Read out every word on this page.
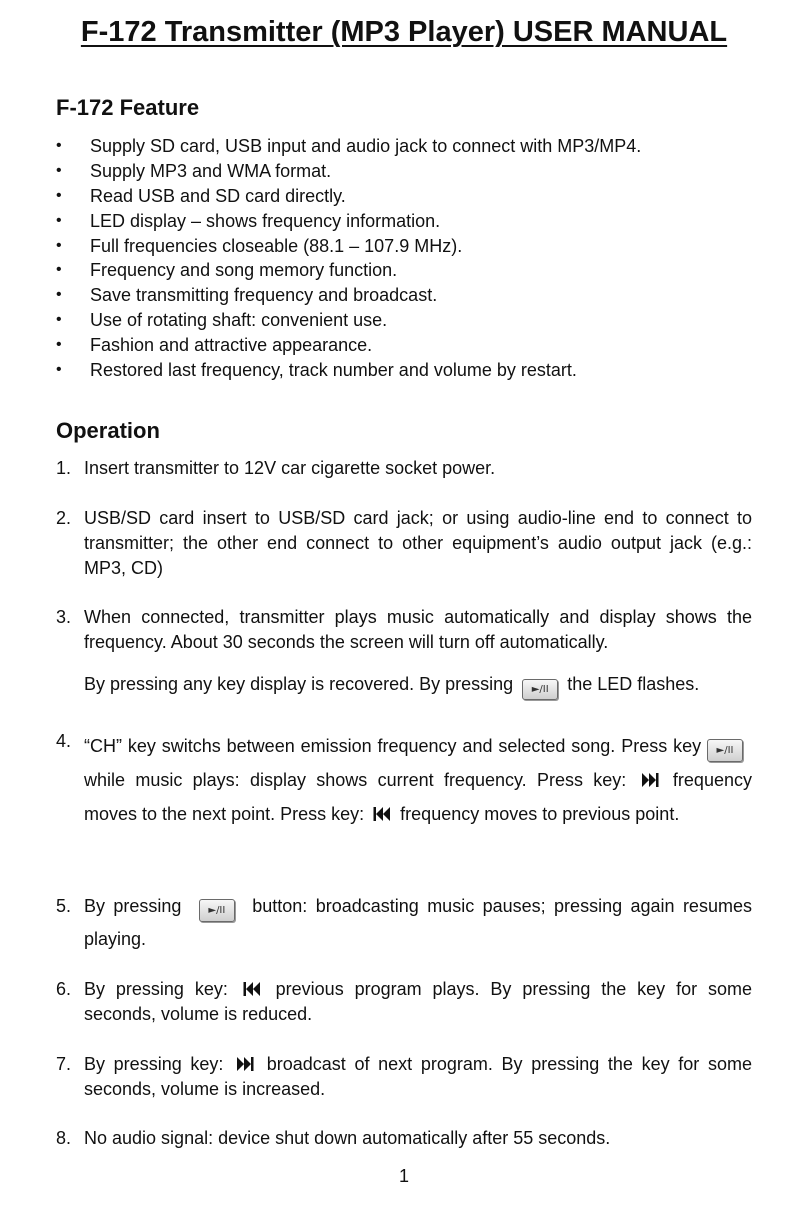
F-172 Transmitter (MP3 Player) USER MANUAL
F-172 Feature
• Supply SD card, USB input and audio jack to connect with MP3/MP4.
• Supply MP3 and WMA format.
• Read USB and SD card directly.
• LED display – shows frequency information.
• Full frequencies closeable (88.1 – 107.9 MHz).
• Frequency and song memory function.
• Save transmitting frequency and broadcast.
• Use of rotating shaft: convenient use.
• Fashion and attractive appearance.
• Restored last frequency, track number and volume by restart.
Operation
1. Insert transmitter to 12V car cigarette socket power.
2. USB/SD card insert to USB/SD card jack; or using audio-line end to connect to transmitter; the other end connect to other equipment’s audio output jack (e.g.: MP3, CD)
3. When connected, transmitter plays music automatically and display shows the frequency. About 30 seconds the screen will turn off automatically.
By pressing any key display is recovered. By pressing ►/II the LED flashes.
4. “CH” key switchs between emission frequency and selected song. Press key ►/II while music plays: display shows current frequency. Press key:	frequency moves to the next point. Press key: frequency moves to previous point.
5. By pressing	►/II button: broadcasting music pauses; pressing again resumes playing.
6. By pressing key:	previous program plays. By pressing the key for some seconds, volume is reduced.
7. By pressing key: broadcast of next program. By pressing the key for some seconds, volume is increased.
8. No audio signal: device shut down automatically after 55 seconds.
1
